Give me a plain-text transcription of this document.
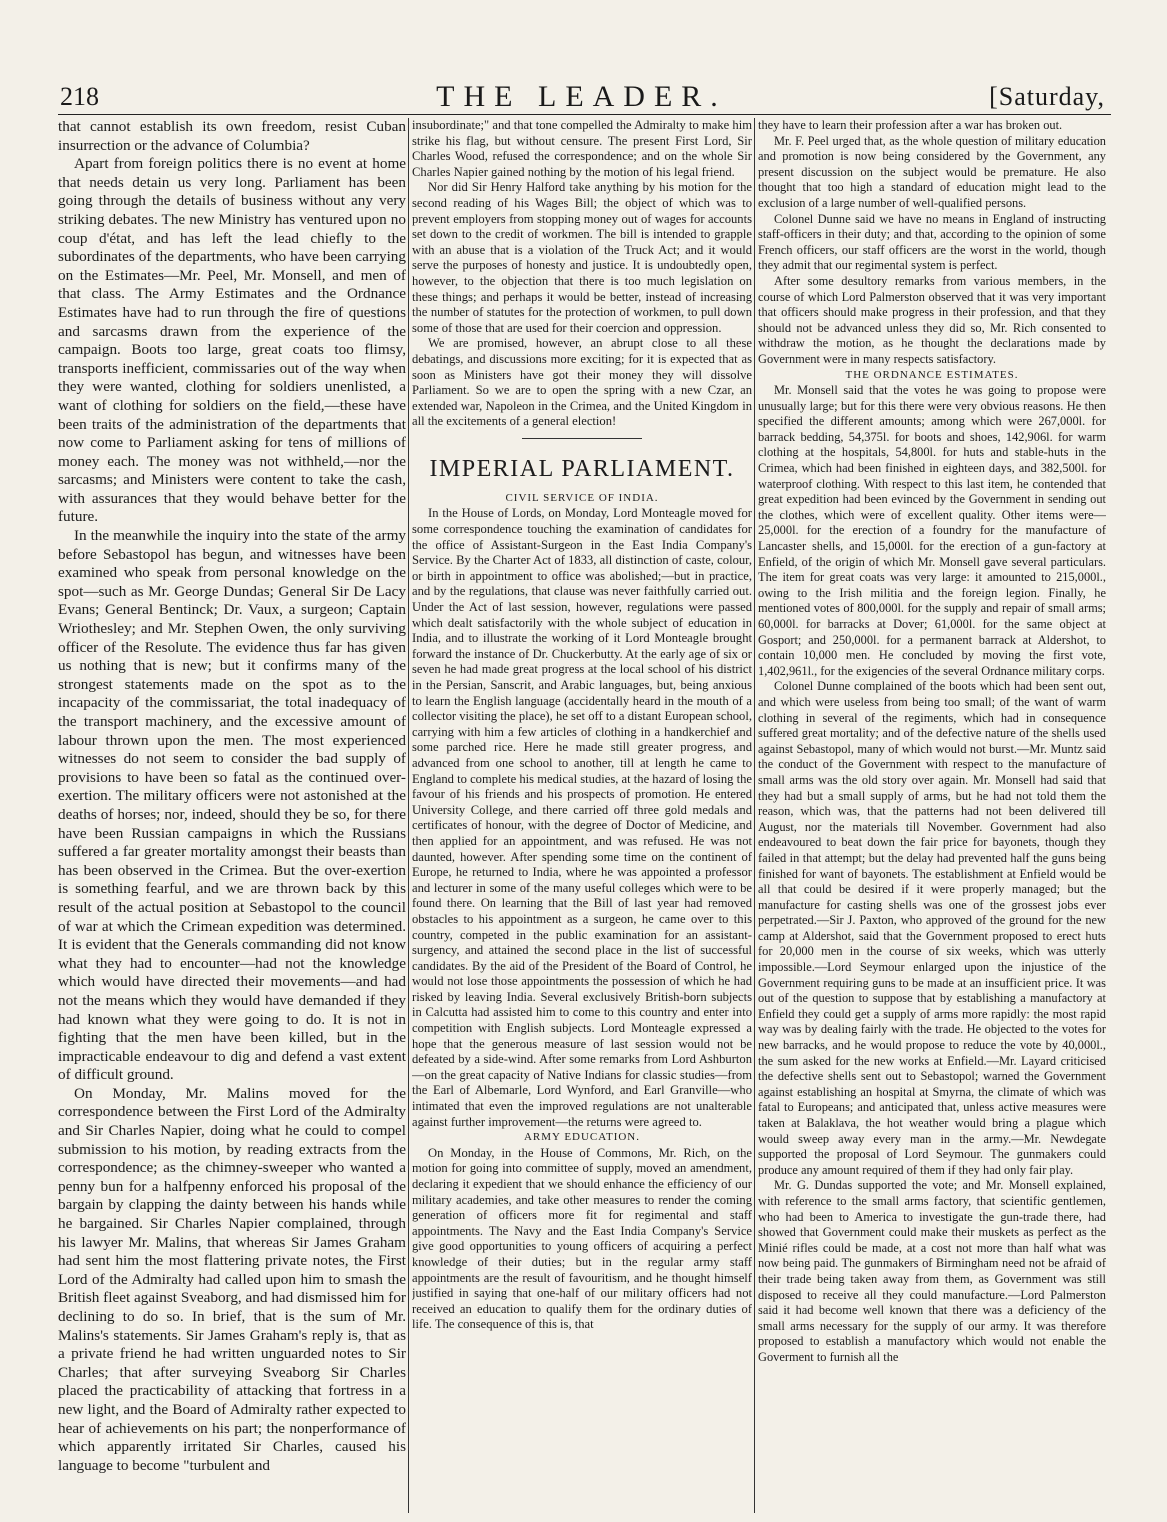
218	THE LEADER.	[Saturday,

that cannot establish its own freedom, resist Cuban insurrection or the advance of Columbia?

Apart from foreign politics there is no event at home that needs detain us very long. Parliament has been going through the details of business without any very striking debates. The new Ministry has ventured upon no coup d'état, and has left the lead chiefly to the subordinates of the departments, who have been carrying on the Estimates—Mr. Peel, Mr. Monsell, and men of that class. The Army Estimates and the Ordnance Estimates have had to run through the fire of questions and sarcasms drawn from the experience of the campaign. Boots too large, great coats too flimsy, transports inefficient, commissaries out of the way when they were wanted, clothing for soldiers unenlisted, a want of clothing for soldiers on the field,—these have been traits of the administration of the departments that now come to Parliament asking for tens of millions of money each. The money was not withheld,—nor the sarcasms; and Ministers were content to take the cash, with assurances that they would behave better for the future.

In the meanwhile the inquiry into the state of the army before Sebastopol has begun, and witnesses have been examined who speak from personal knowledge on the spot—such as Mr. George Dundas; General Sir De Lacy Evans; General Bentinck; Dr. Vaux, a surgeon; Captain Wriothesley; and Mr. Stephen Owen, the only surviving officer of the Resolute. The evidence thus far has given us nothing that is new; but it confirms many of the strongest statements made on the spot as to the incapacity of the commissariat, the total inadequacy of the transport machinery, and the excessive amount of labour thrown upon the men. The most experienced witnesses do not seem to consider the bad supply of provisions to have been so fatal as the continued over-exertion. The military officers were not astonished at the deaths of horses; nor, indeed, should they be so, for there have been Russian campaigns in which the Russians suffered a far greater mortality amongst their beasts than has been observed in the Crimea. But the over-exertion is something fearful, and we are thrown back by this result of the actual position at Sebastopol to the council of war at which the Crimean expedition was determined. It is evident that the Generals commanding did not know what they had to encounter—had not the knowledge which would have directed their movements—and had not the means which they would have demanded if they had known what they were going to do. It is not in fighting that the men have been killed, but in the impracticable endeavour to dig and defend a vast extent of difficult ground.

On Monday, Mr. Malins moved for the correspondence between the First Lord of the Admiralty and Sir Charles Napier, doing what he could to compel submission to his motion, by reading extracts from the correspondence; as the chimney-sweeper who wanted a penny bun for a halfpenny enforced his proposal of the bargain by clapping the dainty between his hands while he bargained. Sir Charles Napier complained, through his lawyer Mr. Malins, that whereas Sir James Graham had sent him the most flattering private notes, the First Lord of the Admiralty had called upon him to smash the British fleet against Sveaborg, and had dismissed him for declining to do so. In brief, that is the sum of Mr. Malins's statements. Sir James Graham's reply is, that as a private friend he had written unguarded notes to Sir Charles; that after surveying Sveaborg Sir Charles placed the practicability of attacking that fortress in a new light, and the Board of Admiralty rather expected to hear of achievements on his part; the nonperformance of which apparently irritated Sir Charles, caused his language to become "turbulent and

insubordinate;" and that tone compelled the Admiralty to make him strike his flag, but without censure. The present First Lord, Sir Charles Wood, refused the correspondence; and on the whole Sir Charles Napier gained nothing by the motion of his legal friend.

Nor did Sir Henry Halford take anything by his motion for the second reading of his Wages Bill; the object of which was to prevent employers from stopping money out of wages for accounts set down to the credit of workmen. The bill is intended to grapple with an abuse that is a violation of the Truck Act; and it would serve the purposes of honesty and justice. It is undoubtedly open, however, to the objection that there is too much legislation on these things; and perhaps it would be better, instead of increasing the number of statutes for the protection of workmen, to pull down some of those that are used for their coercion and oppression.

We are promised, however, an abrupt close to all these debatings, and discussions more exciting; for it is expected that as soon as Ministers have got their money they will dissolve Parliament. So we are to open the spring with a new Czar, an extended war, Napoleon in the Crimea, and the United Kingdom in all the excitements of a general election!

IMPERIAL PARLIAMENT.

CIVIL SERVICE OF INDIA.

In the House of Lords, on Monday, Lord Monteagle moved for some correspondence touching the examination of candidates for the office of Assistant-Surgeon in the East India Company's Service. By the Charter Act of 1833, all distinction of caste, colour, or birth in appointment to office was abolished;—but in practice, and by the regulations, that clause was never faithfully carried out. Under the Act of last session, however, regulations were passed which dealt satisfactorily with the whole subject of education in India, and to illustrate the working of it Lord Monteagle brought forward the instance of Dr. Chuckerbutty. At the early age of six or seven he had made great progress at the local school of his district in the Persian, Sanscrit, and Arabic languages, but, being anxious to learn the English language (accidentally heard in the mouth of a collector visiting the place), he set off to a distant European school, carrying with him a few articles of clothing in a handkerchief and some parched rice. Here he made still greater progress, and advanced from one school to another, till at length he came to England to complete his medical studies, at the hazard of losing the favour of his friends and his prospects of promotion. He entered University College, and there carried off three gold medals and certificates of honour, with the degree of Doctor of Medicine, and then applied for an appointment, and was refused. He was not daunted, however. After spending some time on the continent of Europe, he returned to India, where he was appointed a professor and lecturer in some of the many useful colleges which were to be found there. On learning that the Bill of last year had removed obstacles to his appointment as a surgeon, he came over to this country, competed in the public examination for an assistant-surgency, and attained the second place in the list of successful candidates. By the aid of the President of the Board of Control, he would not lose those appointments the possession of which he had risked by leaving India. Several exclusively British-born subjects in Calcutta had assisted him to come to this country and enter into competition with English subjects. Lord Monteagle expressed a hope that the generous measure of last session would not be defeated by a side-wind. After some remarks from Lord Ashburton—on the great capacity of Native Indians for classic studies—from the Earl of Albemarle, Lord Wynford, and Earl Granville—who intimated that even the improved regulations are not unalterable against further improvement—the returns were agreed to.

ARMY EDUCATION.

On Monday, in the House of Commons, Mr. Rich, on the motion for going into committee of supply, moved an amendment, declaring it expedient that we should enhance the efficiency of our military academies, and take other measures to render the coming generation of officers more fit for regimental and staff appointments. The Navy and the East India Company's Service give good opportunities to young officers of acquiring a perfect knowledge of their duties; but in the regular army staff appointments are the result of favouritism, and he thought himself justified in saying that one-half of our military officers had not received an education to qualify them for the ordinary duties of life. The consequence of this is, that

they have to learn their profession after a war has broken out.

Mr. F. Peel urged that, as the whole question of military education and promotion is now being considered by the Government, any present discussion on the subject would be premature. He also thought that too high a standard of education might lead to the exclusion of a large number of well-qualified persons.

Colonel Dunne said we have no means in England of instructing staff-officers in their duty; and that, according to the opinion of some French officers, our staff officers are the worst in the world, though they admit that our regimental system is perfect.

After some desultory remarks from various members, in the course of which Lord Palmerston observed that it was very important that officers should make progress in their profession, and that they should not be advanced unless they did so, Mr. Rich consented to withdraw the motion, as he thought the declarations made by Government were in many respects satisfactory.

THE ORDNANCE ESTIMATES.

Mr. Monsell said that the votes he was going to propose were unusually large; but for this there were very obvious reasons. He then specified the different amounts; among which were 267,000l. for barrack bedding, 54,375l. for boots and shoes, 142,906l. for warm clothing at the hospitals, 54,800l. for huts and stable-huts in the Crimea, which had been finished in eighteen days, and 382,500l. for waterproof clothing. With respect to this last item, he contended that great expedition had been evinced by the Government in sending out the clothes, which were of excellent quality. Other items were—25,000l. for the erection of a foundry for the manufacture of Lancaster shells, and 15,000l. for the erection of a gun-factory at Enfield, of the origin of which Mr. Monsell gave several particulars. The item for great coats was very large: it amounted to 215,000l., owing to the Irish militia and the foreign legion. Finally, he mentioned votes of 800,000l. for the supply and repair of small arms; 60,000l. for barracks at Dover; 61,000l. for the same object at Gosport; and 250,000l. for a permanent barrack at Aldershot, to contain 10,000 men. He concluded by moving the first vote, 1,402,961l., for the exigencies of the several Ordnance military corps.

Colonel Dunne complained of the boots which had been sent out, and which were useless from being too small; of the want of warm clothing in several of the regiments, which had in consequence suffered great mortality; and of the defective nature of the shells used against Sebastopol, many of which would not burst.—Mr. Muntz said the conduct of the Government with respect to the manufacture of small arms was the old story over again. Mr. Monsell had said that they had but a small supply of arms, but he had not told them the reason, which was, that the patterns had not been delivered till August, nor the materials till November. Government had also endeavoured to beat down the fair price for bayonets, though they failed in that attempt; but the delay had prevented half the guns being finished for want of bayonets. The establishment at Enfield would be all that could be desired if it were properly managed; but the manufacture for casting shells was one of the grossest jobs ever perpetrated.—Sir J. Paxton, who approved of the ground for the new camp at Aldershot, said that the Government proposed to erect huts for 20,000 men in the course of six weeks, which was utterly impossible.—Lord Seymour enlarged upon the injustice of the Government requiring guns to be made at an insufficient price. It was out of the question to suppose that by establishing a manufactory at Enfield they could get a supply of arms more rapidly: the most rapid way was by dealing fairly with the trade. He objected to the votes for new barracks, and he would propose to reduce the vote by 40,000l., the sum asked for the new works at Enfield.—Mr. Layard criticised the defective shells sent out to Sebastopol; warned the Government against establishing an hospital at Smyrna, the climate of which was fatal to Europeans; and anticipated that, unless active measures were taken at Balaklava, the hot weather would bring a plague which would sweep away every man in the army.—Mr. Newdegate supported the proposal of Lord Seymour. The gunmakers could produce any amount required of them if they had only fair play.

Mr. G. Dundas supported the vote; and Mr. Monsell explained, with reference to the small arms factory, that scientific gentlemen, who had been to America to investigate the gun-trade there, had showed that Government could make their muskets as perfect as the Minié rifles could be made, at a cost not more than half what was now being paid. The gunmakers of Birmingham need not be afraid of their trade being taken away from them, as Government was still disposed to receive all they could manufacture.—Lord Palmerston said it had become well known that there was a deficiency of the small arms necessary for the supply of our army. It was therefore proposed to establish a manufactory which would not enable the Goverment to furnish all the
